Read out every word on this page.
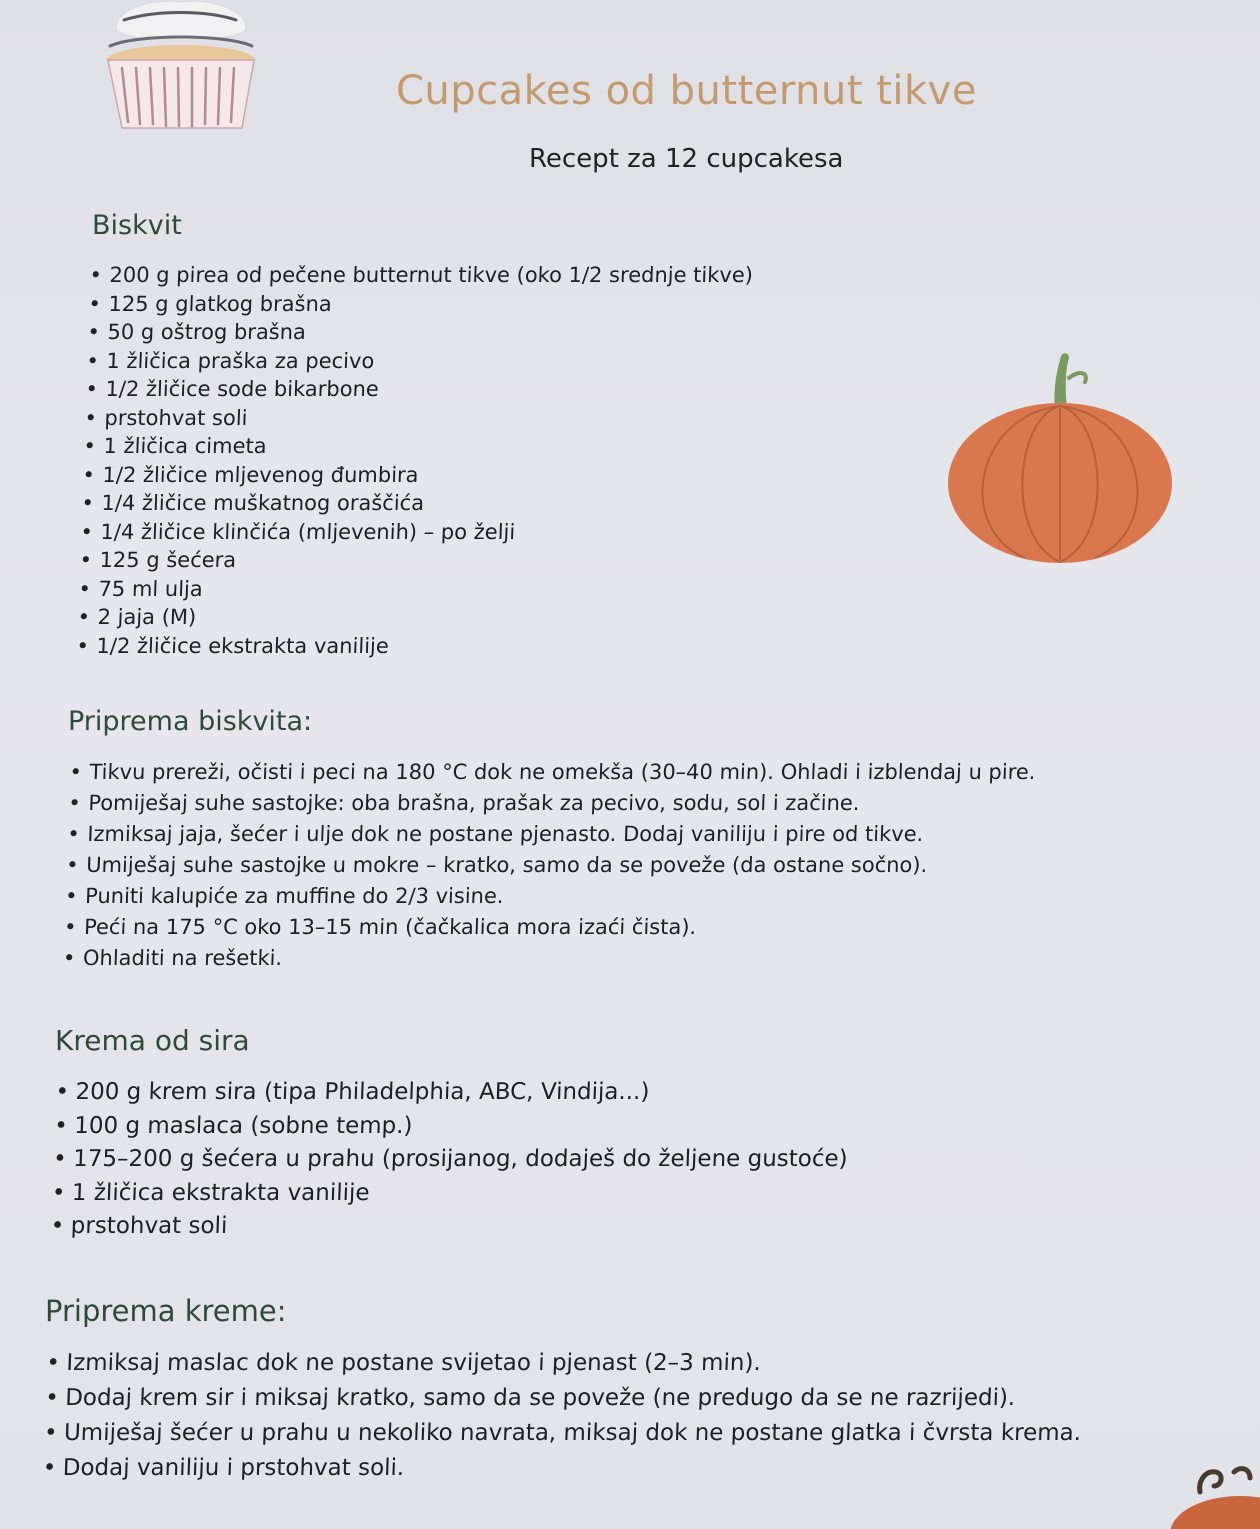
Cupcakes od butternut tikve
Recept za 12 cupcakesa
Biskvit
• 200 g pirea od pečene butternut tikve (oko 1/2 srednje tikve)
• 125 g glatkog brašna
• 50 g oštrog brašna
• 1 žličica praška za pecivo
• 1/2 žličice sode bikarbone
• prstohvat soli
• 1 žličica cimeta
• 1/2 žličice mljevenog đumbira
• 1/4 žličice muškatnog oraščića
• 1/4 žličice klinčića (mljevenih) – po želji
• 125 g šećera
• 75 ml ulja
• 2 jaja (M)
• 1/2 žličice ekstrakta vanilije
Priprema biskvita:
• Tikvu prereži, očisti i peci na 180 °C dok ne omekša (30–40 min). Ohladi i izblendaj u pire.
• Pomiješaj suhe sastojke: oba brašna, prašak za pecivo, sodu, sol i začine.
• Izmiksaj jaja, šećer i ulje dok ne postane pjenasto. Dodaj vaniliju i pire od tikve.
• Umiješaj suhe sastojke u mokre – kratko, samo da se poveže (da ostane sočno).
• Puniti kalupiće za muffine do 2/3 visine.
• Peći na 175 °C oko 13–15 min (čačkalica mora izaći čista).
• Ohladiti na rešetki.
Krema od sira
• 200 g krem sira (tipa Philadelphia, ABC, Vindija...)
• 100 g maslaca (sobne temp.)
• 175–200 g šećera u prahu (prosijanog, dodaješ do željene gustoće)
• 1 žličica ekstrakta vanilije
• prstohvat soli
Priprema kreme:
• Izmiksaj maslac dok ne postane svijetao i pjenast (2–3 min).
• Dodaj krem sir i miksaj kratko, samo da se poveže (ne predugo da se ne razrijedi).
• Umiješaj šećer u prahu u nekoliko navrata, miksaj dok ne postane glatka i čvrsta krema.
• Dodaj vaniliju i prstohvat soli.
